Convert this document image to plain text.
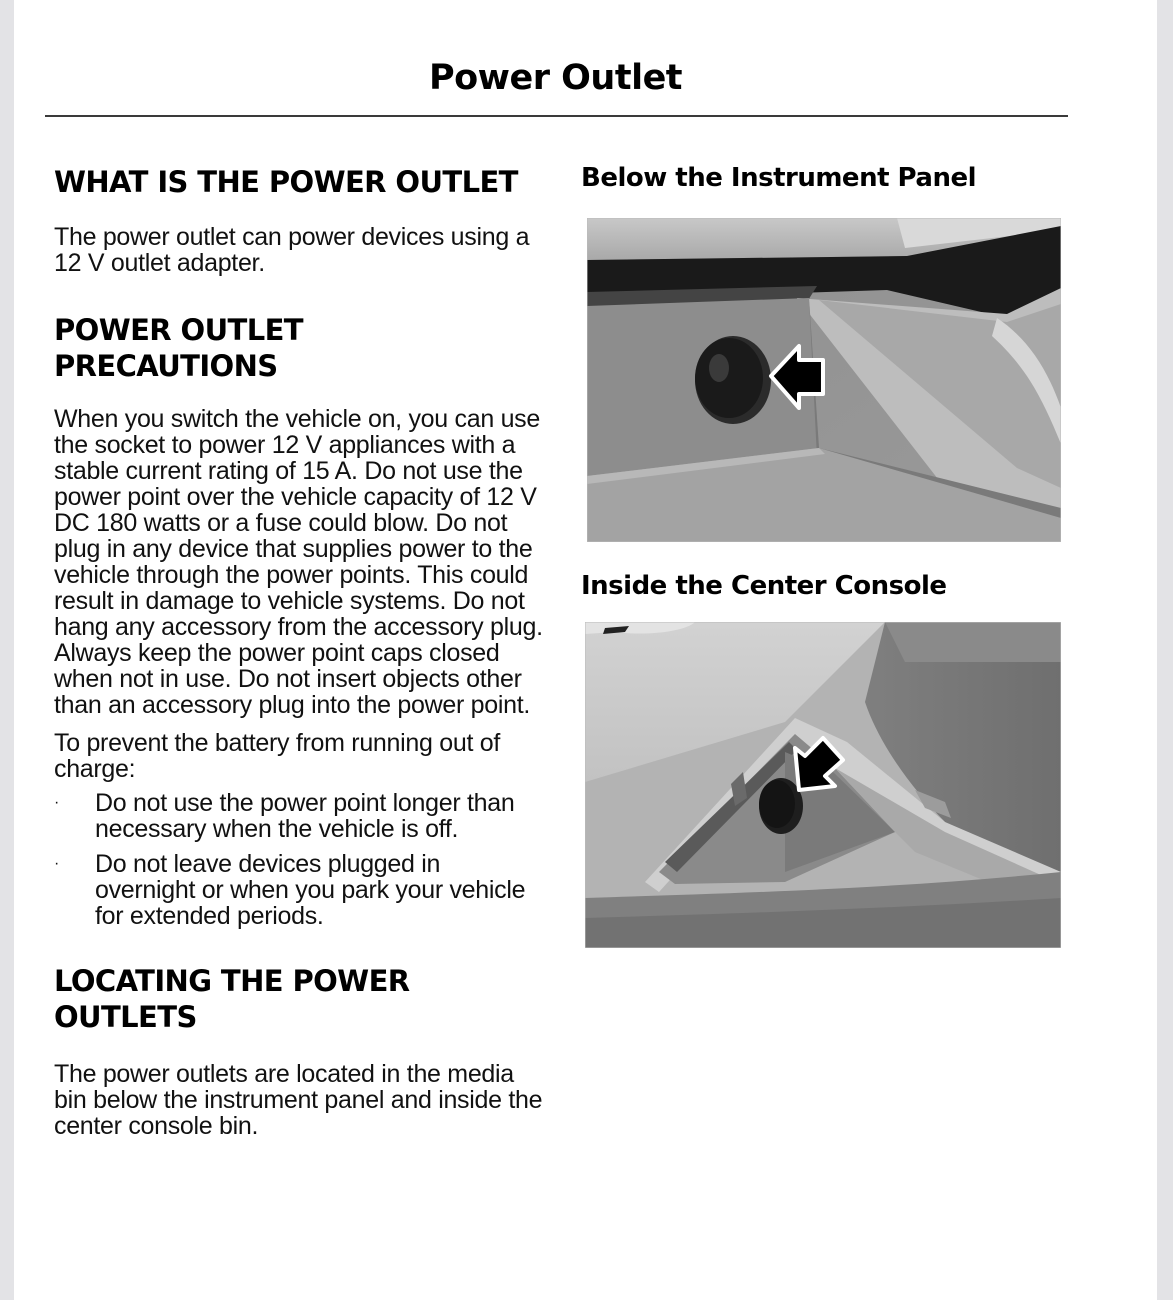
Power Outlet
WHAT IS THE POWER OUTLET

The power outlet can power devices using a 12 V outlet adapter.

POWER OUTLET
PRECAUTIONS

When you switch the vehicle on, you can use the socket to power 12 V appliances with a stable current rating of 15 A. Do not use the power point over the vehicle capacity of 12 V DC 180 watts or a fuse could blow. Do not plug in any device that supplies power to the vehicle through the power points. This could result in damage to vehicle systems. Do not hang any accessory from the accessory plug. Always keep the power point caps closed when not in use. Do not insert objects other than an accessory plug into the power point.

To prevent the battery from running out of charge:

· Do not use the power point longer than necessary when the vehicle is off.
· Do not leave devices plugged in overnight or when you park your vehicle for extended periods.
LOCATING THE POWER
OUTLETS

The power outlets are located in the media bin below the instrument panel and inside the center console bin.

Below the Instrument Panel
Inside the Center Console
